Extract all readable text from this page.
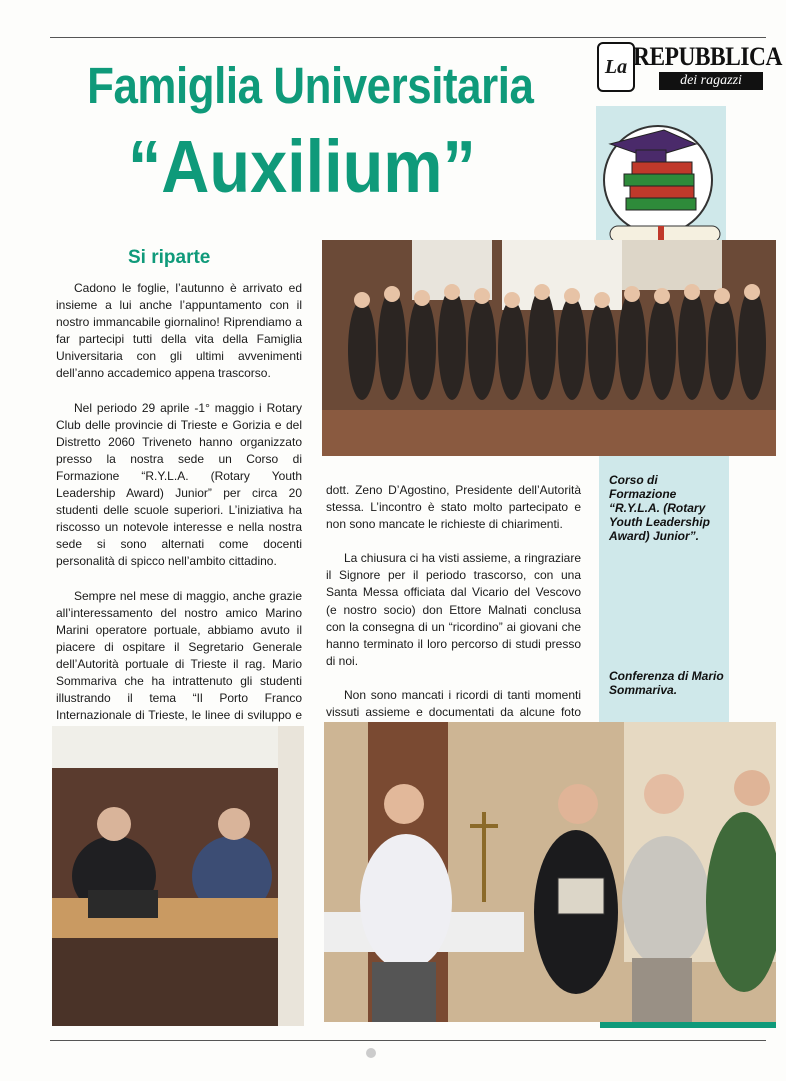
Famiglia Universitaria
“Auxilium”
La REPUBBLICA
dei ragazzi
Si riparte

Cadono le foglie, l’autunno è arrivato ed insieme a lui anche l’appuntamento con il nostro immancabile giornalino! Riprendiamo a far partecipi tutti della vita della Famiglia Universitaria con gli ultimi avvenimenti dell’anno accademico appena trascorso.

Nel periodo 29 aprile -1° maggio i Rotary Club delle provincie di Trieste e Gorizia e del Distretto 2060 Triveneto hanno organizzato presso la nostra sede un Corso di Formazione “R.Y.L.A. (Rotary Youth Leadership Award) Junior” per circa 20 studenti delle scuole superiori. L’iniziativa ha riscosso un notevole interesse e nella nostra sede si sono alternati come docenti personalità di spicco nell’ambito cittadino.

Sempre nel mese di maggio, anche grazie all’interessamento del nostro amico Marino Marini operatore portuale, abbiamo avuto il piacere di ospitare il Segretario Generale dell’Autorità portuale di Trieste il rag. Mario Sommariva che ha intrattenuto gli studenti illustrando il tema “Il Porto Franco Internazionale di Trieste, le linee di sviluppo e

dott. Zeno D’Agostino, Presidente dell’Autorità stessa. L’incontro è stato molto partecipato e non sono mancate le richieste di chiarimenti.

La chiusura ci ha visti assieme, a ringraziare il Signore per il periodo trascorso, con una Santa Messa officiata dal Vicario del Vescovo (e nostro socio) don Ettore Malnati conclusa con la consegna di un “ricordino” ai giovani che hanno terminato il loro percorso di studi presso di noi.

Non sono mancati i ricordi di tanti momenti vissuti assieme e documentati da alcune foto

Corso di Formazione “R.Y.L.A. (Rotary Youth Leadership Award) Junior”.
Conferenza di Mario Sommariva.
